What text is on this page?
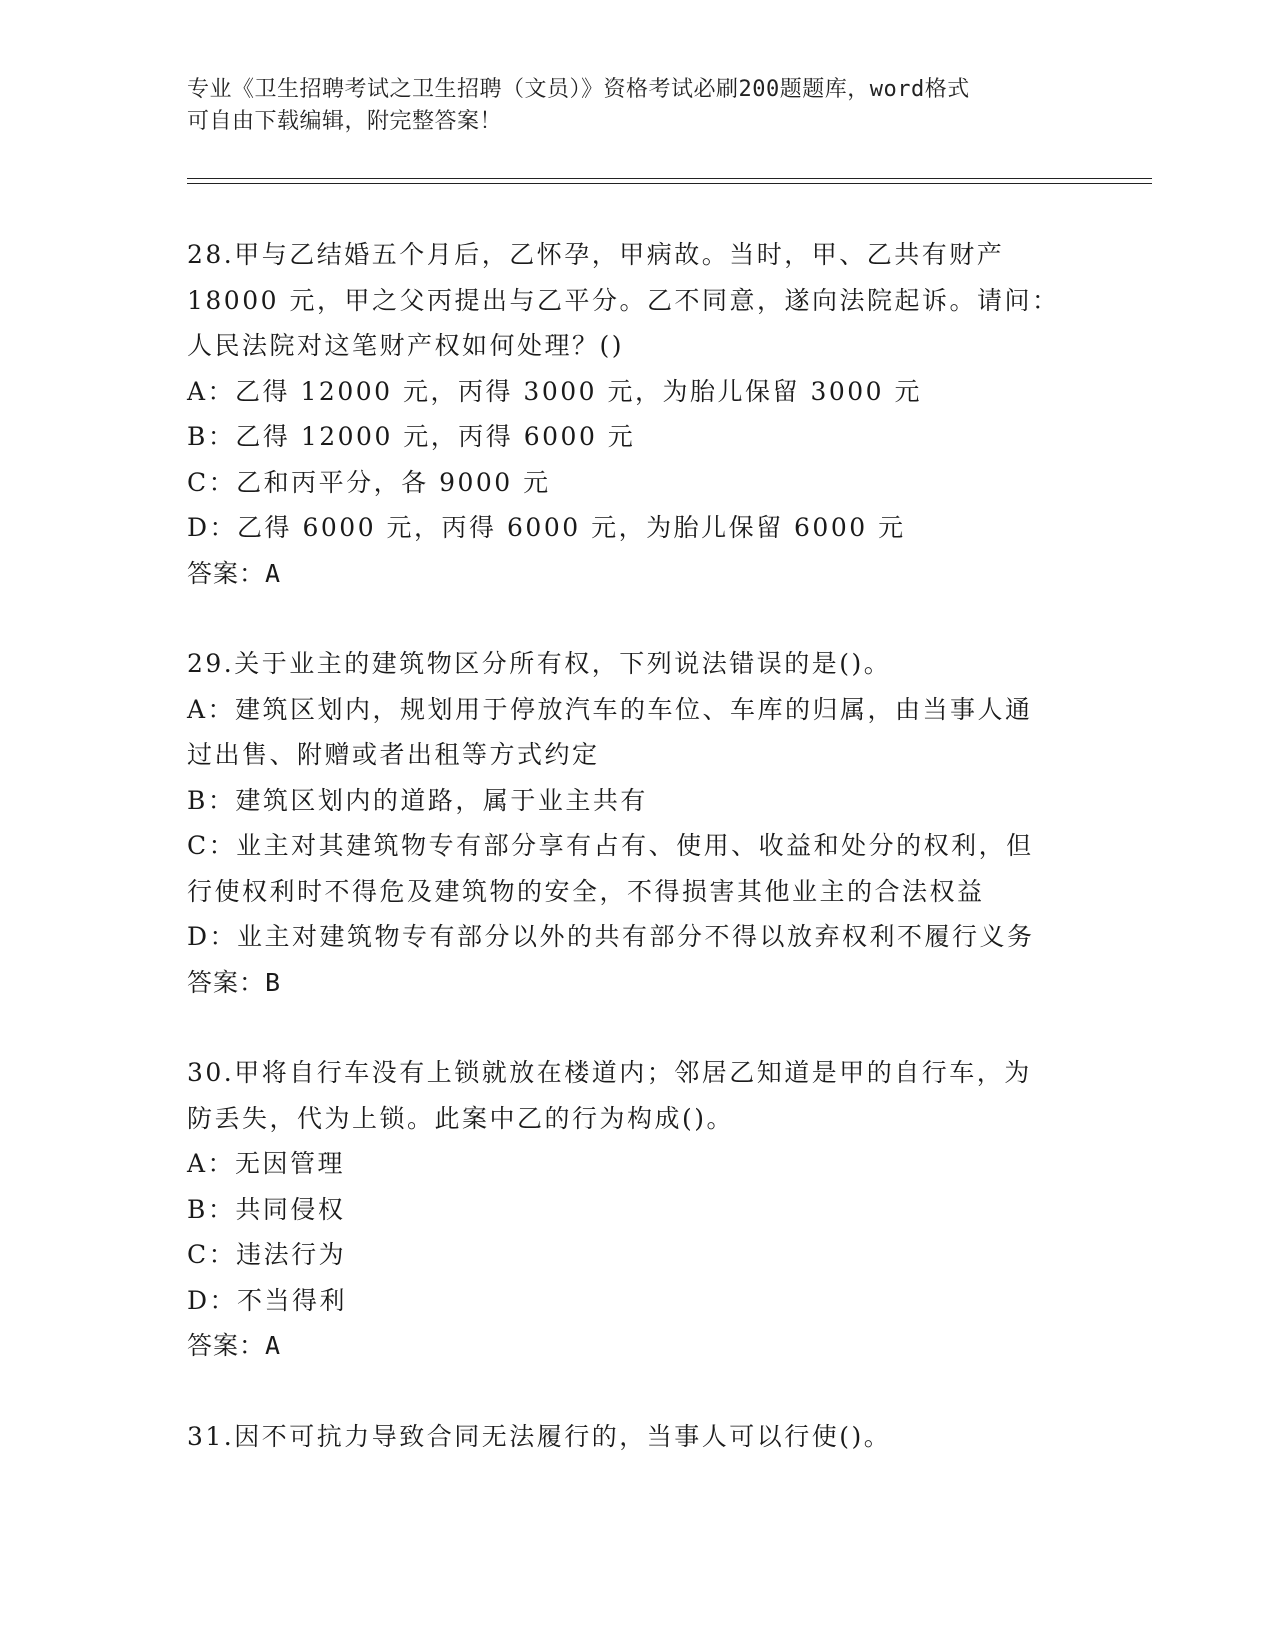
专业《卫生招聘考试之卫生招聘（文员）》资格考试必刷200题题库，word格式
可自由下载编辑，附完整答案！

28.甲与乙结婚五个月后，乙怀孕，甲病故。当时，甲、乙共有财产

18000 元，甲之父丙提出与乙平分。乙不同意，遂向法院起诉。请问：

人民法院对这笔财产权如何处理？()

A：乙得 12000 元，丙得 3000 元，为胎儿保留 3000 元

B：乙得 12000 元，丙得 6000 元

C：乙和丙平分，各 9000 元

D：乙得 6000 元，丙得 6000 元，为胎儿保留 6000 元

答案：A

29.关于业主的建筑物区分所有权，下列说法错误的是()。

A：建筑区划内，规划用于停放汽车的车位、车库的归属，由当事人通

过出售、附赠或者出租等方式约定

B：建筑区划内的道路，属于业主共有

C：业主对其建筑物专有部分享有占有、使用、收益和处分的权利，但

行使权利时不得危及建筑物的安全，不得损害其他业主的合法权益

D：业主对建筑物专有部分以外的共有部分不得以放弃权利不履行义务

答案：B

30.甲将自行车没有上锁就放在楼道内；邻居乙知道是甲的自行车，为

防丢失，代为上锁。此案中乙的行为构成()。

A：无因管理

B：共同侵权

C：违法行为

D：不当得利

答案：A

31.因不可抗力导致合同无法履行的，当事人可以行使()。
